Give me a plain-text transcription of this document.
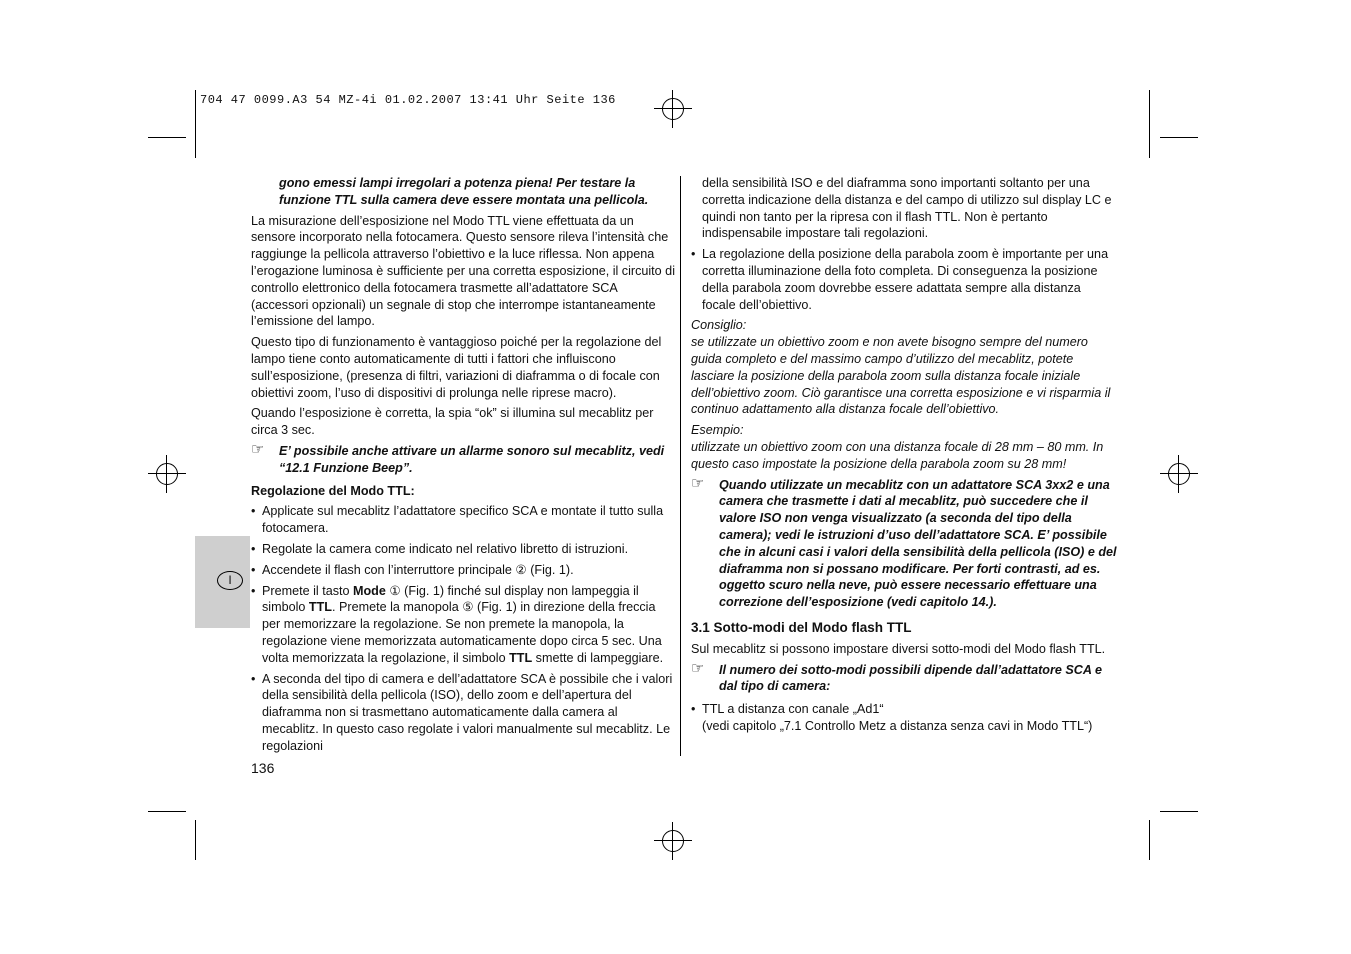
704 47 0099.A3 54 MZ-4i 01.02.2007 13:41 Uhr Seite 136
I

gono emessi lampi irregolari a potenza piena! Per testare la funzione TTL sulla camera deve essere montata una pellicola.

La misurazione dell’esposizione nel Modo TTL viene effettuata da un sensore incorporato nella fotocamera. Questo sensore rileva l’intensità che raggiunge la pellicola attraverso l’obiettivo e la luce riflessa. Non appena l’erogazione luminosa è sufficiente per una corretta esposizione, il circuito di controllo elettronico della fotocamera trasmette all’adattatore SCA (accessori opzionali) un segnale di stop che interrompe istantaneamente l’emissione del lampo.

Questo tipo di funzionamento è vantaggioso poiché per la regolazione del lampo tiene conto automaticamente di tutti i fattori che influiscono sull’esposizione, (presenza di filtri, variazioni di diaframma o di focale con obiettivi zoom, l’uso di dispositivi di prolunga nelle riprese macro).

Quando l’esposizione è corretta, la spia “ok” si illumina sul mecablitz per circa 3 sec.

☞ E’ possibile anche attivare un allarme sonoro sul mecablitz, vedi “12.1 Funzione Beep”.

Regolazione del Modo TTL:

• Applicate sul mecablitz l’adattatore specifico SCA e montate il tutto sulla fotocamera.

• Regolate la camera come indicato nel relativo libretto di istruzioni.

• Accendete il flash con l’interruttore principale ② (Fig. 1).

• Premete il tasto Mode ① (Fig. 1) finché sul display non lampeggia il simbolo TTL. Premete la manopola ⑤ (Fig. 1) in direzione della freccia per memorizzare la regolazione. Se non premete la manopola, la regolazione viene memorizzata automaticamente dopo circa 5 sec. Una volta memorizzata la regolazione, il simbolo TTL smette di lampeggiare.

• A seconda del tipo di camera e dell’adattatore SCA è possibile che i valori della sensibilità della pellicola (ISO), dello zoom e dell’apertura del diaframma non si trasmettano automaticamente dalla camera al mecablitz. In questo caso regolate i valori manualmente sul mecablitz. Le regolazioni

136

della sensibilità ISO e del diaframma sono importanti soltanto per una corretta indicazione della distanza e del campo di utilizzo sul display LC e quindi non tanto per la ripresa con il flash TTL. Non è pertanto indispensabile impostare tali regolazioni.

• La regolazione della posizione della parabola zoom è importante per una corretta illuminazione della foto completa. Di conseguenza la posizione della parabola zoom dovrebbe essere adattata sempre alla distanza focale dell’obiettivo.

Consiglio:

se utilizzate un obiettivo zoom e non avete bisogno sempre del numero guida completo e del massimo campo d’utilizzo del mecablitz, potete lasciare la posizione della parabola zoom sulla distanza focale iniziale dell’obiettivo zoom. Ciò garantisce una corretta esposizione e vi risparmia il continuo adattamento alla distanza focale dell’obiettivo.

Esempio:

utilizzate un obiettivo zoom con una distanza focale di 28 mm – 80 mm. In questo caso impostate la posizione della parabola zoom su 28 mm!

☞ Quando utilizzate un mecablitz con un adattatore SCA 3xx2 e una camera che trasmette i dati al mecablitz, può succedere che il valore ISO non venga visualizzato (a seconda del tipo della camera); vedi le istruzioni d’uso dell’adattatore SCA. E’ possibile che in alcuni casi i valori della sensibilità della pellicola (ISO) e del diaframma non si possano modificare. Per forti contrasti, ad es. oggetto scuro nella neve, può essere necessario effettuare una correzione dell’esposizione (vedi capitolo 14.).

3.1 Sotto-modi del Modo flash TTL

Sul mecablitz si possono impostare diversi sotto-modi del Modo flash TTL.

☞ Il numero dei sotto-modi possibili dipende dall’adattatore SCA e dal tipo di camera:

• TTL a distanza con canale „Ad1“
(vedi capitolo „7.1 Controllo Metz a distanza senza cavi in Modo TTL“)
